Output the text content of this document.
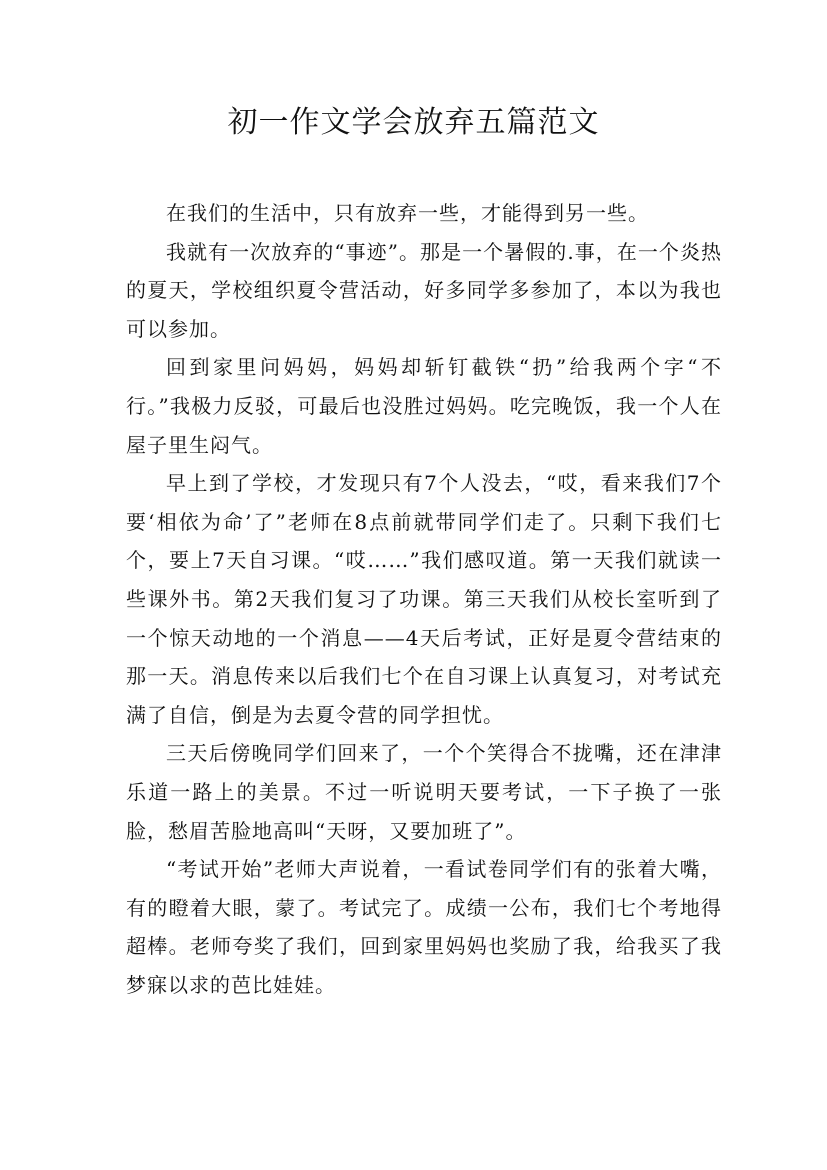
初一作文学会放弃五篇范文

在我们的生活中，只有放弃一些，才能得到另一些。

我就有一次放弃的“事迹”。那是一个暑假的.事，在一个炎热的夏天，学校组织夏令营活动，好多同学多参加了，本以为我也可以参加。

回到家里问妈妈，妈妈却斩钉截铁“扔”给我两个字“不行。”我极力反驳，可最后也没胜过妈妈。吃完晚饭，我一个人在屋子里生闷气。

早上到了学校，才发现只有7个人没去，“哎，看来我们7个要‘相依为命’了”老师在8点前就带同学们走了。只剩下我们七个，要上7天自习课。“哎……”我们感叹道。第一天我们就读一些课外书。第2天我们复习了功课。第三天我们从校长室听到了一个惊天动地的一个消息——4天后考试，正好是夏令营结束的那一天。消息传来以后我们七个在自习课上认真复习，对考试充满了自信，倒是为去夏令营的同学担忧。

三天后傍晚同学们回来了，一个个笑得合不拢嘴，还在津津乐道一路上的美景。不过一听说明天要考试，一下子换了一张脸，愁眉苦脸地高叫“天呀，又要加班了”。

“考试开始”老师大声说着，一看试卷同学们有的张着大嘴，有的瞪着大眼，蒙了。考试完了。成绩一公布，我们七个考地得超棒。老师夸奖了我们，回到家里妈妈也奖励了我，给我买了我梦寐以求的芭比娃娃。
